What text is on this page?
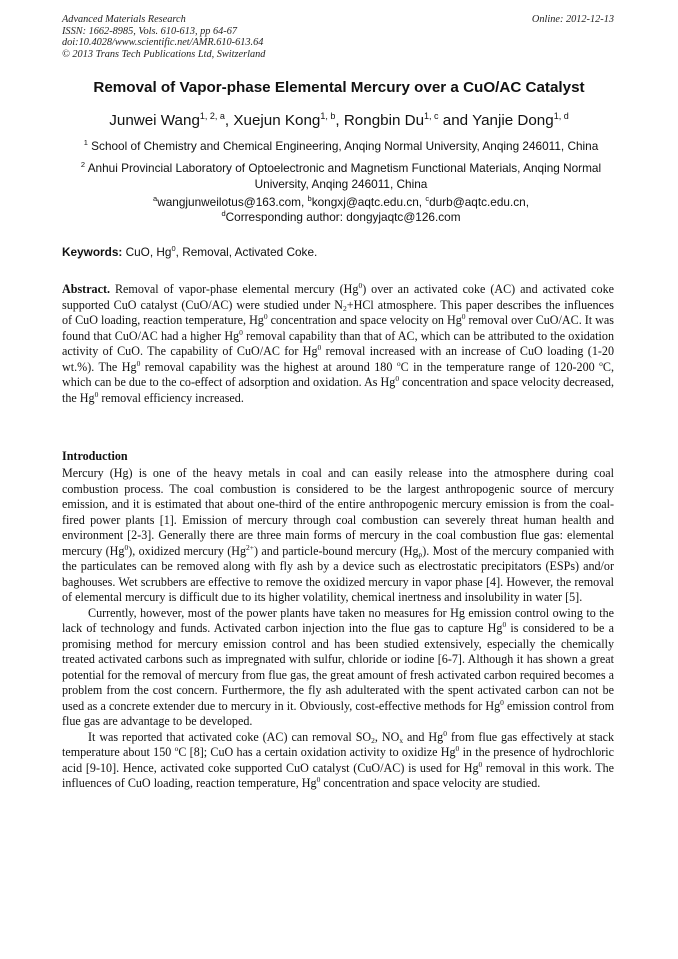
Advanced Materials Research
ISSN: 1662-8985, Vols. 610-613, pp 64-67
doi:10.4028/www.scientific.net/AMR.610-613.64
© 2013 Trans Tech Publications Ltd, Switzerland
Online: 2012-12-13
Removal of Vapor-phase Elemental Mercury over a CuO/AC Catalyst
Junwei Wang$^{1, 2, a}$, Xuejun Kong$^{1, b}$, Rongbin Du$^{1, c}$ and Yanjie Dong$^{1, d}$
$^1$ School of Chemistry and Chemical Engineering, Anqing Normal University, Anqing 246011, China
$^2$ Anhui Provincial Laboratory of Optoelectronic and Magnetism Functional Materials, Anqing Normal University, Anqing 246011, China
$^a$wangjunweilotus@163.com, $^b$kongxj@aqtc.edu.cn, $^c$durb@aqtc.edu.cn,
$^d$Corresponding author: dongyjaqtc@126.com
Keywords: CuO, Hg$^0$, Removal, Activated Coke.
Abstract. Removal of vapor-phase elemental mercury (Hg$^0$) over an activated coke (AC) and activated coke supported CuO catalyst (CuO/AC) were studied under $N_2+HCl$ atmosphere. This paper describes the influences of CuO loading, reaction temperature, Hg$^0$ concentration and space velocity on Hg$^0$ removal over CuO/AC. It was found that CuO/AC had a higher Hg$^0$ removal capability than that of AC, which can be attributed to the oxidation activity of CuO. The capability of CuO/AC for Hg$^0$ removal increased with an increase of CuO loading (1-20 wt.%). The Hg$^0$ removal capability was the highest at around 180 $^o$C in the temperature range of 120-200 $^o$C, which can be due to the co-effect of adsorption and oxidation. As Hg$^0$ concentration and space velocity decreased, the Hg$^0$ removal efficiency increased.
Introduction

Mercury (Hg) is one of the heavy metals in coal and can easily release into the atmosphere during coal combustion process. The coal combustion is considered to be the largest anthropogenic source of mercury emission, and it is estimated that about one-third of the entire anthropogenic mercury emission is from the coal-fired power plants [1]. Emission of mercury through coal combustion can severely threat human health and environment [2-3]. Generally there are three main forms of mercury in the coal combustion flue gas: elemental mercury (Hg$^0$), oxidized mercury $(Hg^{2+})$ and particle-bound mercury $(Hg_p)$. Most of the mercury companied with the particulates can be removed along with fly ash by a device such as electrostatic precipitators (ESPs) and/or baghouses. Wet scrubbers are effective to remove the oxidized mercury in vapor phase [4]. However, the removal of elemental mercury is difficult due to its higher volatility, chemical inertness and insolubility in water [5].

Currently, however, most of the power plants have taken no measures for Hg emission control owing to the lack of technology and funds. Activated carbon injection into the flue gas to capture Hg$^0$ is considered to be a promising method for mercury emission control and has been studied extensively, especially the chemically treated activated carbons such as impregnated with sulfur, chloride or iodine [6-7]. Although it has shown a great potential for the removal of mercury from flue gas, the great amount of fresh activated carbon required becomes a problem from the cost concern. Furthermore, the fly ash adulterated with the spent activated carbon can not be used as a concrete extender due to mercury in it. Obviously, cost-effective methods for Hg$^0$ emission control from flue gas are advantage to be developed.

It was reported that activated coke (AC) can removal $SO_2$, $NO_x$ and Hg$^0$ from flue gas effectively at stack temperature about 150 $^o$C [8]; CuO has a certain oxidation activity to oxidize Hg$^0$ in the presence of hydrochloric acid [9-10]. Hence, activated coke supported CuO catalyst (CuO/AC) is used for Hg$^0$ removal in this work. The influences of CuO loading, reaction temperature, Hg$^0$ concentration and space velocity are studied.
